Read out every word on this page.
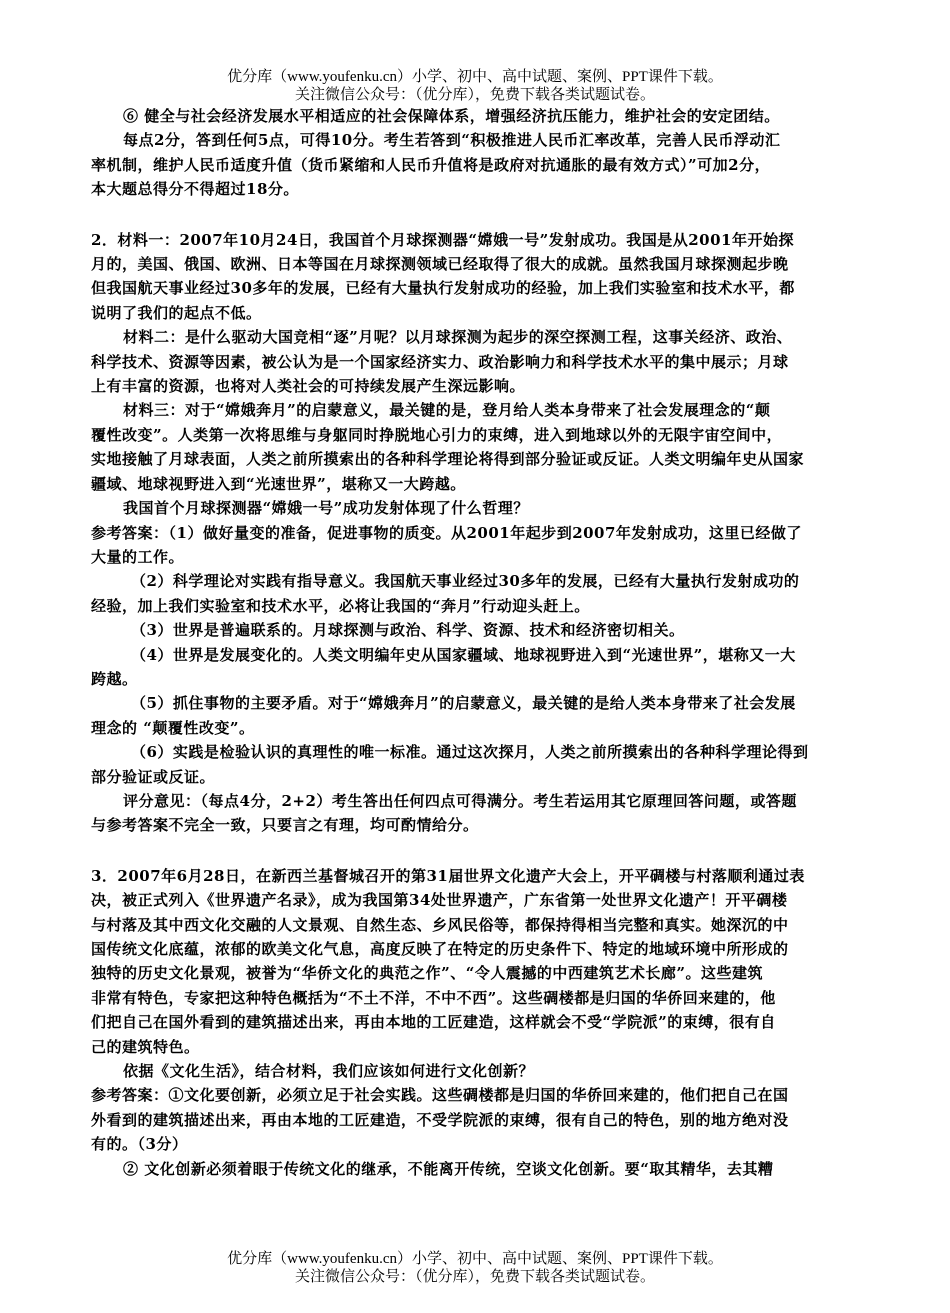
优分库（www.youfenku.cn）小学、初中、高中试题、案例、PPT课件下载。
关注微信公众号：（优分库），免费下载各类试题试卷。

⑥ 健全与社会经济发展水平相适应的社会保障体系，增强经济抗压能力，维护社会的安定团结。

每点2分，答到任何5点，可得10分。考生若答到“积极推进人民币汇率改革，完善人民币浮动汇

率机制，维护人民币适度升值（货币紧缩和人民币升值将是政府对抗通胀的最有效方式）”可加2分，

本大题总得分不得超过18分。

2．材料一：2007年10月24日，我国首个月球探测器“嫦娥一号”发射成功。我国是从2001年开始探

月的，美国、俄国、欧洲、日本等国在月球探测领域已经取得了很大的成就。虽然我国月球探测起步晚

但我国航天事业经过30多年的发展，已经有大量执行发射成功的经验，加上我们实验室和技术水平，都

说明了我们的起点不低。

材料二：是什么驱动大国竞相“逐”月呢？以月球探测为起步的深空探测工程，这事关经济、政治、

科学技术、资源等因素，被公认为是一个国家经济实力、政治影响力和科学技术水平的集中展示；月球

上有丰富的资源，也将对人类社会的可持续发展产生深远影响。

材料三：对于“嫦娥奔月”的启蒙意义，最关键的是，登月给人类本身带来了社会发展理念的“颠

覆性改变”。人类第一次将思维与身躯同时挣脱地心引力的束缚，进入到地球以外的无限宇宙空间中，

实地接触了月球表面，人类之前所摸索出的各种科学理论将得到部分验证或反证。人类文明编年史从国家

疆域、地球视野进入到“光速世界”，堪称又一大跨越。

我国首个月球探测器“嫦娥一号”成功发射体现了什么哲理？

参考答案：（1）做好量变的准备，促进事物的质变。从2001年起步到2007年发射成功，这里已经做了

大量的工作。

（2）科学理论对实践有指导意义。我国航天事业经过30多年的发展，已经有大量执行发射成功的

经验，加上我们实验室和技术水平，必将让我国的“奔月”行动迎头赶上。

（3）世界是普遍联系的。月球探测与政治、科学、资源、技术和经济密切相关。

（4）世界是发展变化的。人类文明编年史从国家疆域、地球视野进入到“光速世界”，堪称又一大

跨越。

（5）抓住事物的主要矛盾。对于“嫦娥奔月”的启蒙意义，最关键的是给人类本身带来了社会发展

理念的 “颠覆性改变”。

（6）实践是检验认识的真理性的唯一标准。通过这次探月，人类之前所摸索出的各种科学理论得到

部分验证或反证。

评分意见：（每点4分，2+2）考生答出任何四点可得满分。考生若运用其它原理回答问题，或答题

与参考答案不完全一致，只要言之有理，均可酌情给分。

3．2007年6月28日，在新西兰基督城召开的第31届世界文化遗产大会上，开平碉楼与村落顺利通过表

决，被正式列入《世界遗产名录》，成为我国第34处世界遗产，广东省第一处世界文化遗产！开平碉楼

与村落及其中西文化交融的人文景观、自然生态、乡风民俗等，都保持得相当完整和真实。她深沉的中

国传统文化底蕴，浓郁的欧美文化气息，高度反映了在特定的历史条件下、特定的地域环境中所形成的

独特的历史文化景观，被誉为“华侨文化的典范之作”、“令人震撼的中西建筑艺术长廊”。这些建筑

非常有特色，专家把这种特色概括为“不土不洋，不中不西”。这些碉楼都是归国的华侨回来建的，他

们把自己在国外看到的建筑描述出来，再由本地的工匠建造，这样就会不受“学院派”的束缚，很有自

己的建筑特色。

依据《文化生活》，结合材料，我们应该如何进行文化创新？

参考答案：①文化要创新，必须立足于社会实践。这些碉楼都是归国的华侨回来建的，他们把自己在国

外看到的建筑描述出来，再由本地的工匠建造，不受学院派的束缚，很有自己的特色，别的地方绝对没

有的。（3分）

② 文化创新必须着眼于传统文化的继承，不能离开传统，空谈文化创新。要“取其精华，去其糟

优分库（www.youfenku.cn）小学、初中、高中试题、案例、PPT课件下载。
关注微信公众号：（优分库），免费下载各类试题试卷。
